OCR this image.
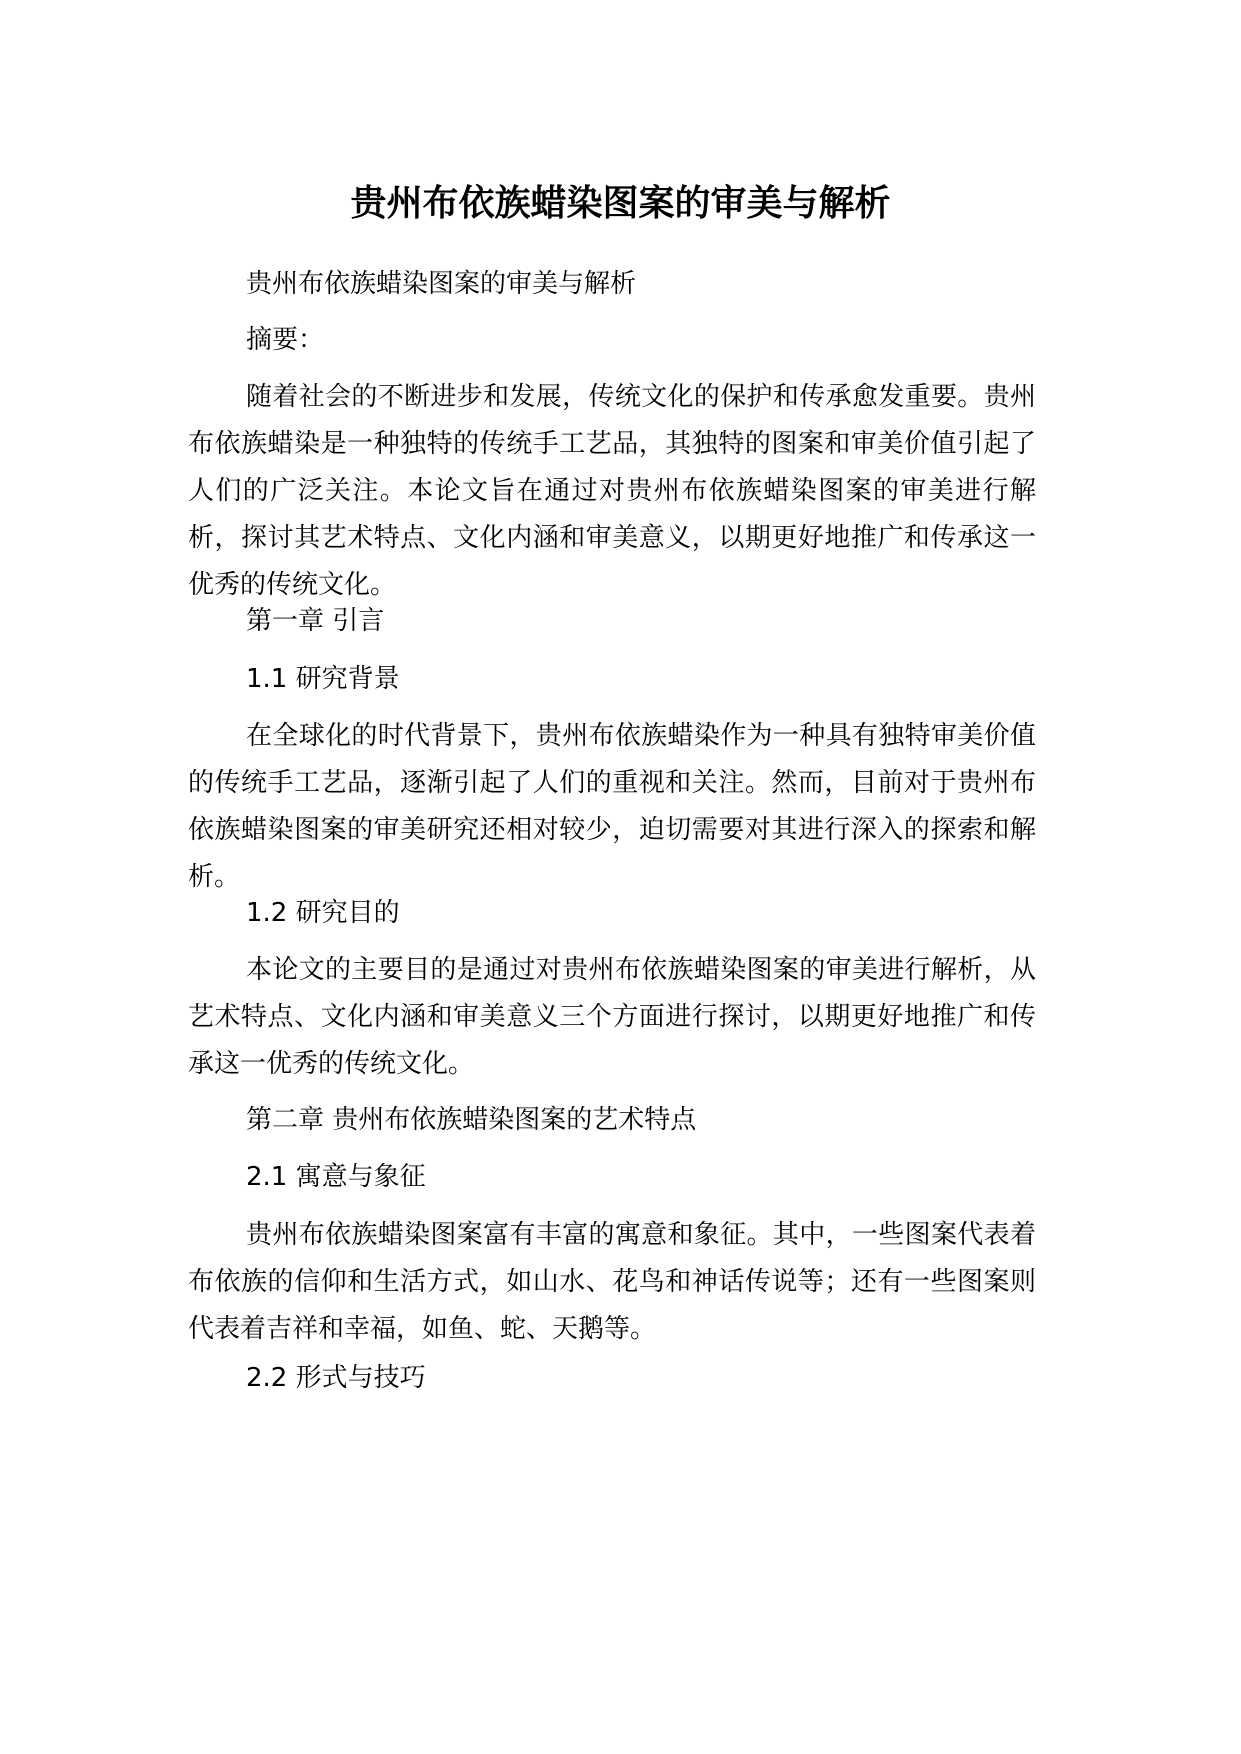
贵州布依族蜡染图案的审美与解析

贵州布依族蜡染图案的审美与解析

摘要：

随着社会的不断进步和发展，传统文化的保护和传承愈发重要。贵州布依族蜡染是一种独特的传统手工艺品，其独特的图案和审美价值引起了人们的广泛关注。本论文旨在通过对贵州布依族蜡染图案的审美进行解析，探讨其艺术特点、文化内涵和审美意义，以期更好地推广和传承这一优秀的传统文化。

第一章 引言

1.1 研究背景

在全球化的时代背景下，贵州布依族蜡染作为一种具有独特审美价值的传统手工艺品，逐渐引起了人们的重视和关注。然而，目前对于贵州布依族蜡染图案的审美研究还相对较少，迫切需要对其进行深入的探索和解析。

1.2 研究目的

本论文的主要目的是通过对贵州布依族蜡染图案的审美进行解析，从艺术特点、文化内涵和审美意义三个方面进行探讨，以期更好地推广和传承这一优秀的传统文化。

第二章 贵州布依族蜡染图案的艺术特点

2.1 寓意与象征

贵州布依族蜡染图案富有丰富的寓意和象征。其中，一些图案代表着布依族的信仰和生活方式，如山水、花鸟和神话传说等；还有一些图案则代表着吉祥和幸福，如鱼、蛇、天鹅等。

2.2 形式与技巧
